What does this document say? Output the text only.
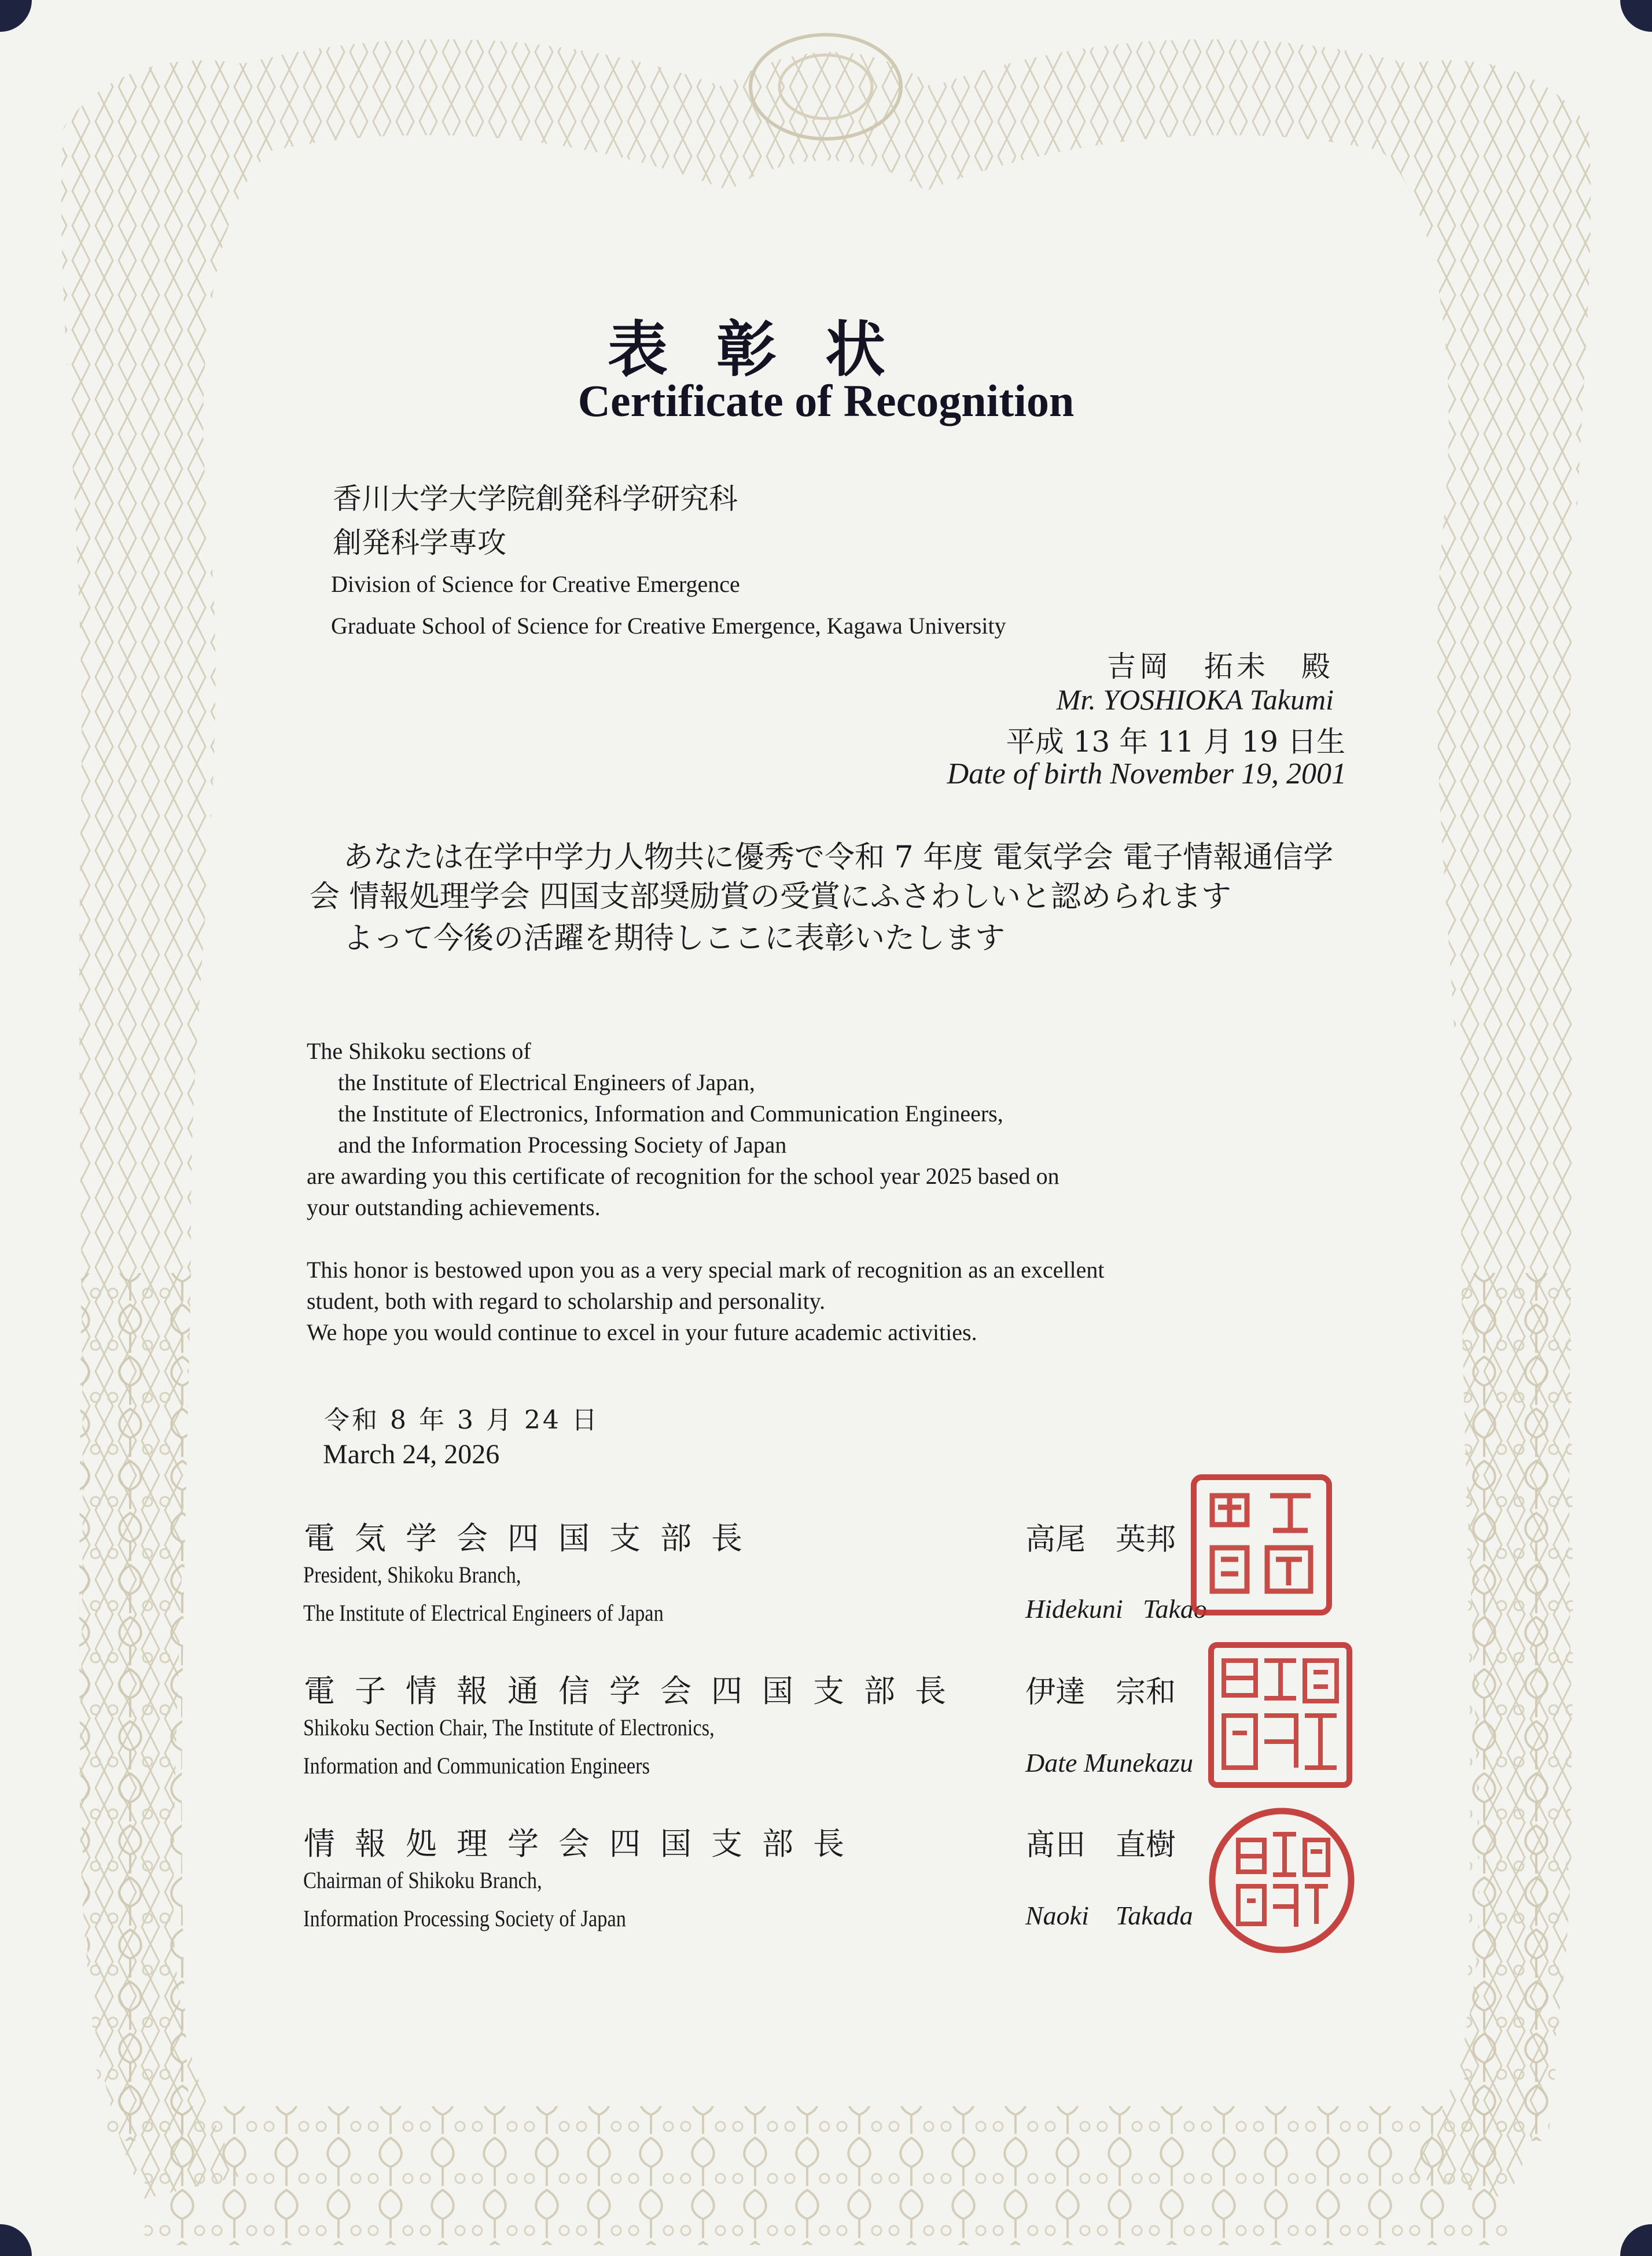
表彰状
Certificate of Recognition
香川大学大学院創発科学研究科
創発科学専攻
Division of Science for Creative Emergence
Graduate School of Science for Creative Emergence, Kagawa University
吉岡　拓未　殿
Mr. YOSHIOKA Takumi
平成 13 年 11 月 19 日生
Date of birth November 19, 2001

あなたは在学中学力人物共に優秀で令和 7 年度 電気学会 電子情報通信学会 情報処理学会 四国支部奨励賞の受賞にふさわしいと認められます

よって今後の活躍を期待しここに表彰いたします

The Shikoku sections of
the Institute of Electrical Engineers of Japan,
the Institute of Electronics, Information and Communication Engineers,
and the Information Processing Society of Japan
are awarding you this certificate of recognition for the school year 2025 based on
your outstanding achievements.
This honor is bestowed upon you as a very special mark of recognition as an excellent
student, both with regard to scholarship and personality.
We hope you would continue to excel in your future academic activities.
令和 8 年 3 月 24 日
March 24, 2026
電気学会四国支部長
President, Shikoku Branch,
The Institute of Electrical Engineers of Japan
高尾　英邦
Hidekuni   Takao
電子情報通信学会四国支部長
Shikoku Section Chair, The Institute of Electronics,
Information and Communication Engineers
伊達　宗和
Date Munekazu
情報処理学会四国支部長
Chairman of Shikoku Branch,
Information Processing Society of Japan
髙田　直樹
Naoki    Takada
